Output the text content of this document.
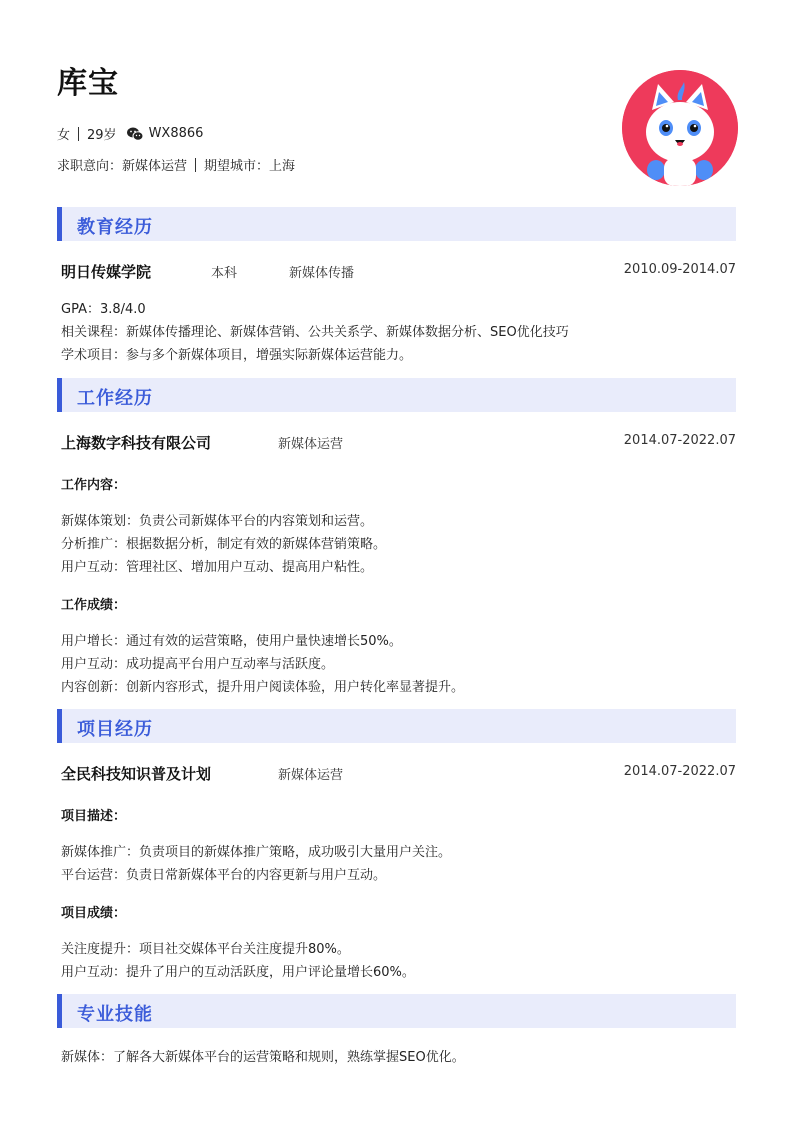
库宝
女 29岁 WX8866
求职意向：新媒体运营 期望城市：上海
教育经历
明日传媒学院	本科	新媒体传播	2010.09-2014.07
GPA：3.8/4.0
相关课程：新媒体传播理论、新媒体营销、公共关系学、新媒体数据分析、SEO优化技巧
学术项目：参与多个新媒体项目，增强实际新媒体运营能力。
工作经历
上海数字科技有限公司	新媒体运营	2014.07-2022.07
工作内容：
新媒体策划：负责公司新媒体平台的内容策划和运营。
分析推广：根据数据分析，制定有效的新媒体营销策略。
用户互动：管理社区、增加用户互动、提高用户粘性。
工作成绩：
用户增长：通过有效的运营策略，使用户量快速增长50%。
用户互动：成功提高平台用户互动率与活跃度。
内容创新：创新内容形式，提升用户阅读体验，用户转化率显著提升。
项目经历
全民科技知识普及计划	新媒体运营	2014.07-2022.07
项目描述：
新媒体推广：负责项目的新媒体推广策略，成功吸引大量用户关注。
平台运营：负责日常新媒体平台的内容更新与用户互动。
项目成绩：
关注度提升：项目社交媒体平台关注度提升80%。
用户互动：提升了用户的互动活跃度，用户评论量增长60%。
专业技能
新媒体：了解各大新媒体平台的运营策略和规则，熟练掌握SEO优化。
